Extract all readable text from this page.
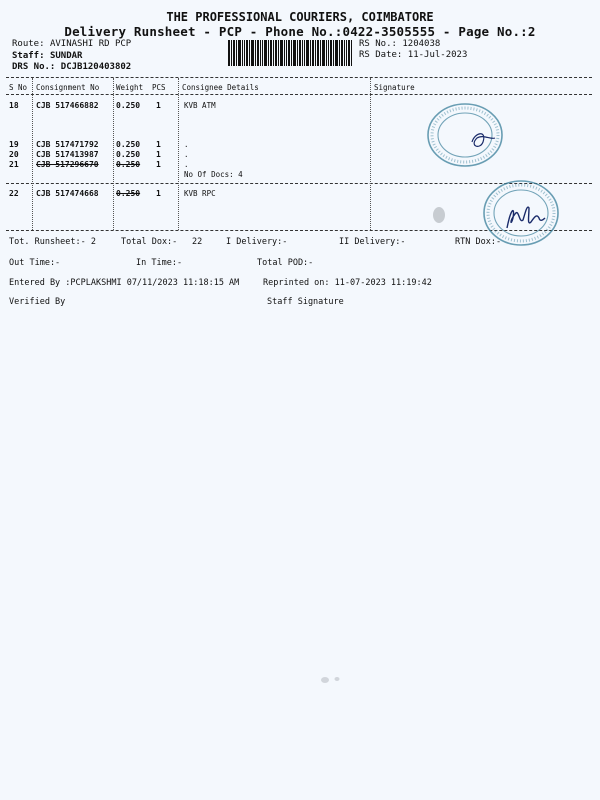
THE PROFESSIONAL COURIERS, COIMBATORE
Delivery Runsheet - PCP - Phone No.:0422-3505555 - Page No.:2
Route: AVINASHI RD PCP
Staff: SUNDAR
DRS No.: DCJB120403802
RS No.: 1204038
RS Date: 11-Jul-2023
S No Consignment No Weight PCS Consignee Details	Signature
18 CJB 517466882 0.250 1	KVB ATM
19 CJB 517471792 0.250 1	.
20 CJB 517413987 0.250 1	.
21 CJB 517296670 0.250 1	.
No Of Docs: 4
22 CJB 517474668 0.250 1	KVB RPC
Tot. Runsheet:- 2	Total Dox:- 22	I Delivery:-	II Delivery:-	RTN Dox:-
Out Time:-	In Time:-	Total POD:-
Entered By :PCPLAKSHMI 07/11/2023 11:18:15 AM	Reprinted on: 11-07-2023 11:19:42
Verified By	Staff Signature
